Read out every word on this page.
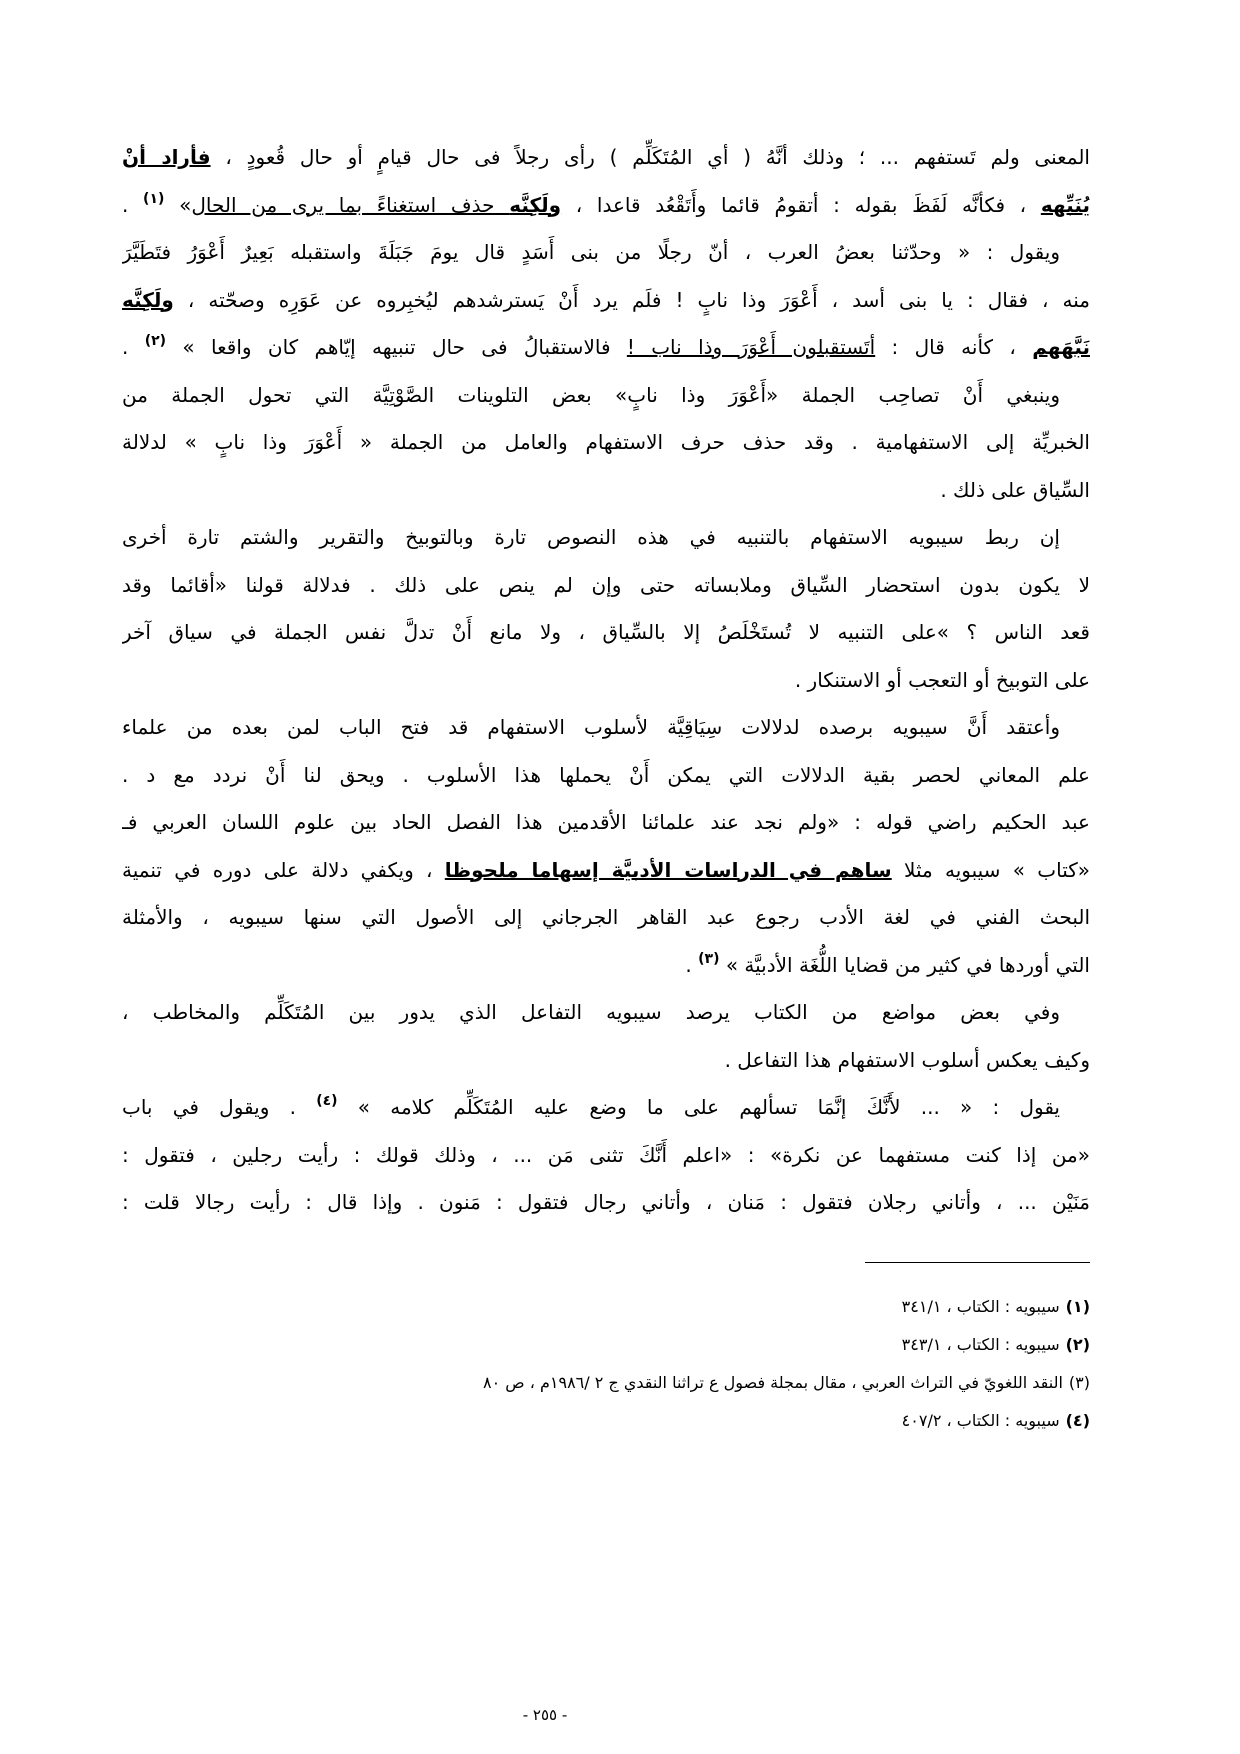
المعنى ولم تَستفهم ... ؛ وذلك أنَّهُ ( أي المُتَكَلِّم ) رأى رجلاً فى حال قيامٍ أو حال قُعودٍ ، فأراد أنْ
يُنَبِّهه ، فكأنَّه لَفَظَ بقوله : أتقومُ قائما وأَتَقْعُد قاعدا ، ولَكِنَّه حذف استغناءً بما يرى من الحال» $^{(١)}$ .
ويقول : « وحدّثنا بعضُ العرب ، أنّ رجلًا من بنى أَسَدٍ قال يومَ جَبَلَةَ واستقبله بَعِيرٌ أَعْوَرُ فتَطَيَّرَ
منه ، فقال : يا بنى أسد ، أَعْوَرَ وذا نابٍ ! فلَم يرد أَنْ يَسترشدهم ليُخبِروه عن عَوَرِه وصحّته ، ولَكِنَّه
نَبَّهَهم ، كأنه قال : أتَستقبلون أَعْوَرَ وذا ناب ! فالاستقبالُ فى حال تنبيهه إيّاهم كان واقعا » $^{(٢)}$ .
وينبغي أَنْ تصاحِب الجملة «أَعْوَرَ وذا نابٍ» بعض التلوينات الصَّوْتِيَّة التي تحول الجملة من
الخبريِّة إلى الاستفهامية . وقد حذف حرف الاستفهام والعامل من الجملة « أَعْوَرَ وذا نابٍ » لدلالة
السِّياق على ذلك .
إن ربط سيبويه الاستفهام بالتنبيه في هذه النصوص تارة وبالتوبيخ والتقرير والشتم تارة أخرى
لا يكون بدون استحضار السِّياق وملابساته حتى وإن لم ينص على ذلك . فدلالة قولنا «أقائما وقد
قعد الناس ؟ »على التنبيه لا تُستَخْلَصُ إلا بالسِّياق ، ولا مانع أَنْ تدلَّ نفس الجملة في سياق آخر
على التوبيخ أو التعجب أو الاستنكار .
وأعتقد أَنَّ سيبويه برصده لدلالات سِيَاقِيَّة لأسلوب الاستفهام قد فتح الباب لمن بعده من علماء
علم المعاني لحصر بقية الدلالات التي يمكن أَنْ يحملها هذا الأسلوب . ويحق لنا أَنْ نردد مع د .
عبد الحكيم راضي قوله : «ولم نجد عند علمائنا الأقدمين هذا الفصل الحاد بين علوم اللسان العربي فـ
«كتاب » سيبويه مثلا ساهم في الدراسات الأدبيَّة إسهاما ملحوظا ، ويكفي دلالة على دوره في تنمية
البحث الفني في لغة الأدب رجوع عبد القاهر الجرجاني إلى الأصول التي سنها سيبويه ، والأمثلة
التي أوردها في كثير من قضايا اللُّغَة الأدبيَّة » $^{(٣)}$ .
وفي بعض مواضع من الكتاب يرصد سيبويه التفاعل الذي يدور بين المُتَكَلِّم والمخاطب ،
وكيف يعكس أسلوب الاستفهام هذا التفاعل .
يقول : « ... لأَنَّكَ إنَّمَا تسألهم على ما وضع عليه المُتَكَلِّم كلامه » $^{(٤)}$ . ويقول في باب
«من إذا كنت مستفهما عن نكرة» : «اعلم أَنَّكَ تثنى مَن ... ، وذلك قولك : رأيت رجلين ، فتقول :
مَنَيْن ... ، وأتاني رجلان فتقول : مَنان ، وأتاني رجال فتقول : مَنون . وإذا قال : رأيت رجالا قلت :
(١)سيبويه : الكتاب ، ٣٤١/١
(٢)سيبويه : الكتاب ، ٣٤٣/١
(٣)النقد اللغويّ في التراث العربي ، مقال بمجلة فصول ع تراثنا النقدي ج ٢ /١٩٨٦م ، ص ٨٠
(٤)سيبويه : الكتاب ، ٤٠٧/٢
- ٢٥٥ -
